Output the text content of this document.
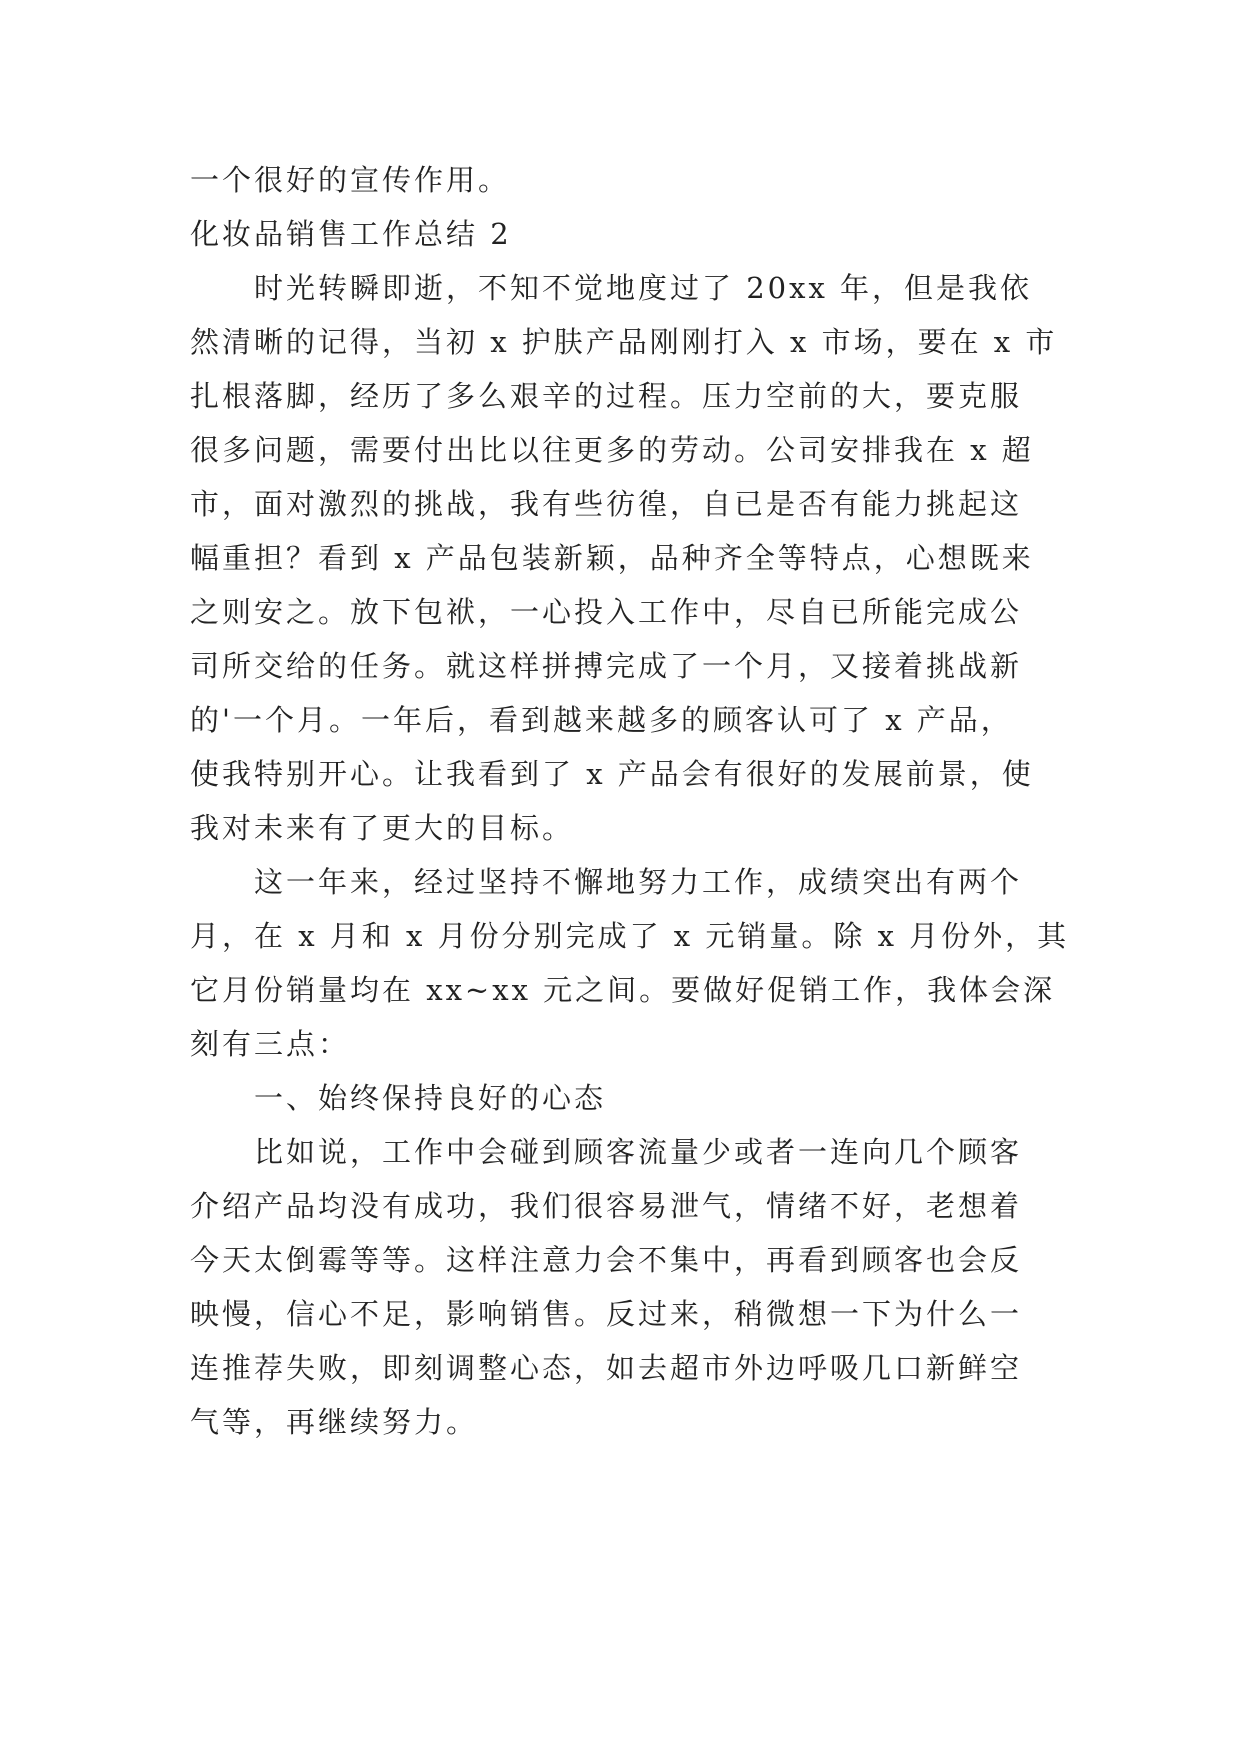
一个很好的宣传作用。
化妆品销售工作总结 2
时光转瞬即逝，不知不觉地度过了 20xx 年，但是我依
然清晰的记得，当初 x 护肤产品刚刚打入 x 市场，要在 x 市
扎根落脚，经历了多么艰辛的过程。压力空前的大，要克服
很多问题，需要付出比以往更多的劳动。公司安排我在 x 超
市，面对激烈的挑战，我有些彷徨，自已是否有能力挑起这
幅重担？看到 x 产品包装新颖，品种齐全等特点，心想既来
之则安之。放下包袱，一心投入工作中，尽自已所能完成公
司所交给的任务。就这样拼搏完成了一个月，又接着挑战新
的'一个月。一年后，看到越来越多的顾客认可了 x 产品，
使我特别开心。让我看到了 x 产品会有很好的发展前景，使
我对未来有了更大的目标。
这一年来，经过坚持不懈地努力工作，成绩突出有两个
月，在 x 月和 x 月份分别完成了 x 元销量。除 x 月份外，其
它月份销量均在 xx~xx 元之间。要做好促销工作，我体会深
刻有三点：
一、始终保持良好的心态
比如说，工作中会碰到顾客流量少或者一连向几个顾客
介绍产品均没有成功，我们很容易泄气，情绪不好，老想着
今天太倒霉等等。这样注意力会不集中，再看到顾客也会反
映慢，信心不足，影响销售。反过来，稍微想一下为什么一
连推荐失败，即刻调整心态，如去超市外边呼吸几口新鲜空
气等，再继续努力。
